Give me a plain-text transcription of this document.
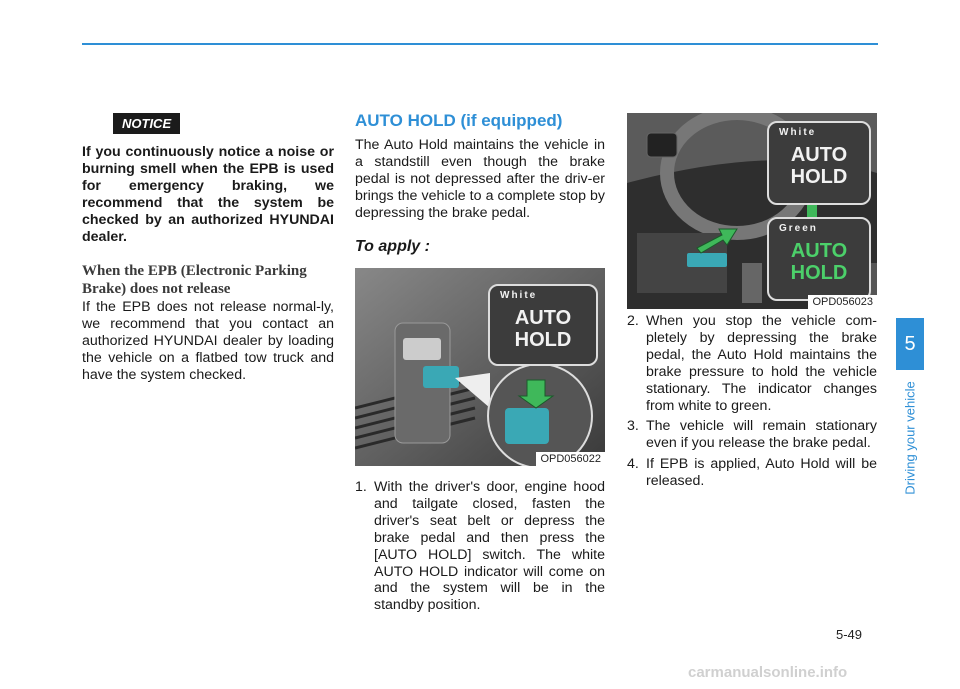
NOTICE
If you continuously notice a noise or burning smell when the EPB is used for emergency braking, we recommend that the system be checked by an authorized HYUNDAI dealer.
When the EPB (Electronic Parking Brake) does not release
If the EPB does not release normal-ly, we recommend that you contact an authorized HYUNDAI dealer by loading the vehicle on a flatbed tow truck and have the system checked.
AUTO HOLD (if equipped)
The Auto Hold maintains the vehicle in a standstill even though the brake pedal is not depressed after the driv-er brings the vehicle to a complete stop by depressing the brake pedal.
To apply :
White
AUTO
HOLD
OPD056022
1. With the driver's door, engine hood and tailgate closed, fasten the driver's seat belt or depress the brake pedal and then press the [AUTO HOLD] switch. The white AUTO HOLD indicator will come on and the system will be in the standby position.
White
AUTO
HOLD
Green
AUTO
HOLD
OPD056023
2. When you stop the vehicle com-pletely by depressing the brake pedal, the Auto Hold maintains the brake pressure to hold the vehicle stationary. The indicator changes from white to green.
3. The vehicle will remain stationary even if you release the brake pedal.
4. If EPB is applied, Auto Hold will be released.
5
Driving your vehicle
5-49
carmanualsonline.info
